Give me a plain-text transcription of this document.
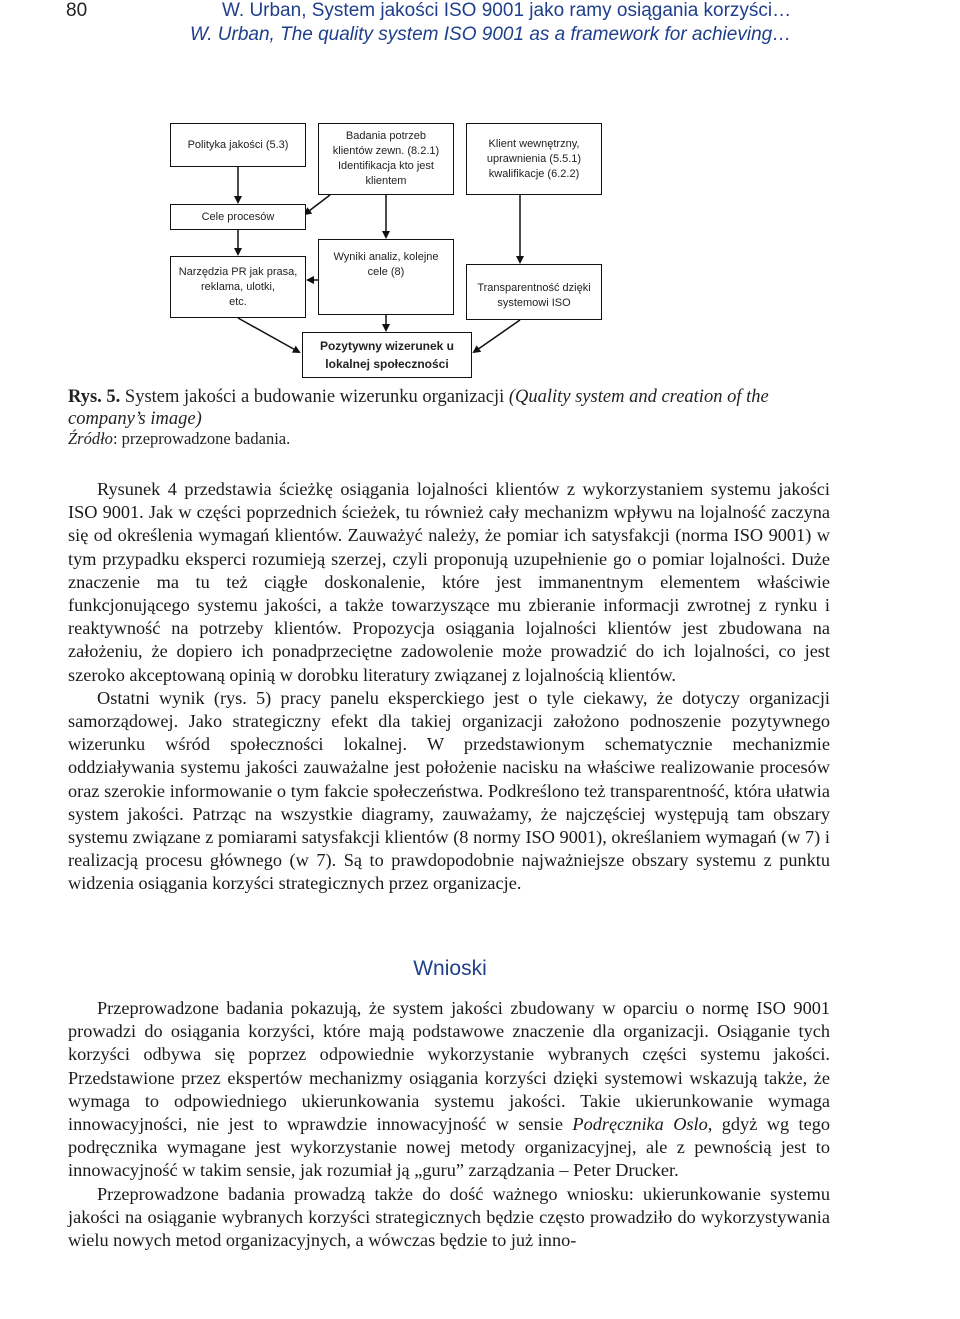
80	W. Urban, System jakości ISO 9001 jako ramy osiągania korzyści…
W. Urban, The quality system ISO 9001 as a framework for achieving…
Polityka jakości (5.3)
Badania potrzeb
klientów zewn. (8.2.1)
Identifikacja kto jest
klientem
Klient wewnętrzny,
uprawnienia (5.5.1)
kwalifikacje (6.2.2)
Cele procesów
Narzędzia PR jak prasa,
reklama, ulotki,
etc.
Wyniki analiz, kolejne
cele (8)
Transparentność dzięki
systemowi ISO
Pozytywny wizerunek u
lokalnej społeczności
Rys. 5. System jakości a budowanie wizerunku organizacji (Quality system and creation of the company’s image)
Źródło: przeprowadzone badania.

Rysunek 4 przedstawia ścieżkę osiągania lojalności klientów z wykorzystaniem systemu jakości ISO 9001. Jak w części poprzednich ścieżek, tu również cały mechanizm wpływu na lojalność zaczyna się od określenia wymagań klientów. Zauważyć należy, że pomiar ich satysfakcji (norma ISO 9001) w tym przypadku eksperci rozumieją szerzej, czyli proponują uzupełnienie go o pomiar lojalności. Duże znaczenie ma tu też ciągłe doskonalenie, które jest immanentnym elementem właściwie funkcjonującego systemu jakości, a także towarzyszące mu zbieranie informacji zwrotnej z rynku i reaktywność na potrzeby klientów. Propozycja osiągania lojalności klientów jest zbudowana na założeniu, że dopiero ich ponadprzeciętne zadowolenie może prowadzić do ich lojalności, co jest szeroko akceptowaną opinią w dorobku literatury związanej z lojalnością klientów.

Ostatni wynik (rys. 5) pracy panelu eksperckiego jest o tyle ciekawy, że dotyczy organizacji samorządowej. Jako strategiczny efekt dla takiej organizacji założono podnoszenie pozytywnego wizerunku wśród społeczności lokalnej. W przedstawionym schematycznie mechanizmie oddziaływania systemu jakości zauważalne jest położenie nacisku na właściwe realizowanie procesów oraz szerokie informowanie o tym fakcie społeczeństwa. Podkreślono też transparentność, która ułatwia system jakości. Patrząc na wszystkie diagramy, zauważamy, że najczęściej występują tam obszary systemu związane z pomiarami satysfakcji klientów (8 normy ISO 9001), określaniem wymagań (w 7) i realizacją procesu głównego (w 7). Są to prawdopodobnie najważniejsze obszary systemu z punktu widzenia osiągania korzyści strategicznych przez organizacje.

Wnioski

Przeprowadzone badania pokazują, że system jakości zbudowany w oparciu o normę ISO 9001 prowadzi do osiągania korzyści, które mają podstawowe znaczenie dla organizacji. Osiąganie tych korzyści odbywa się poprzez odpowiednie wykorzystanie wybranych części systemu jakości. Przedstawione przez ekspertów mechanizmy osiągania korzyści dzięki systemowi wskazują także, że wymaga to odpowiedniego ukierunkowania systemu jakości. Takie ukierunkowanie wymaga innowacyjności, nie jest to wprawdzie innowacyjność w sensie Podręcznika Oslo, gdyż wg tego podręcznika wymagane jest wykorzystanie nowej metody organizacyjnej, ale z pewnością jest to innowacyjność w takim sensie, jak rozumiał ją „guru” zarządzania – Peter Drucker.

Przeprowadzone badania prowadzą także do dość ważnego wniosku: ukierunkowanie systemu jakości na osiąganie wybranych korzyści strategicznych będzie często prowadziło do wykorzystywania wielu nowych metod organizacyjnych, a wówczas będzie to już inno-
